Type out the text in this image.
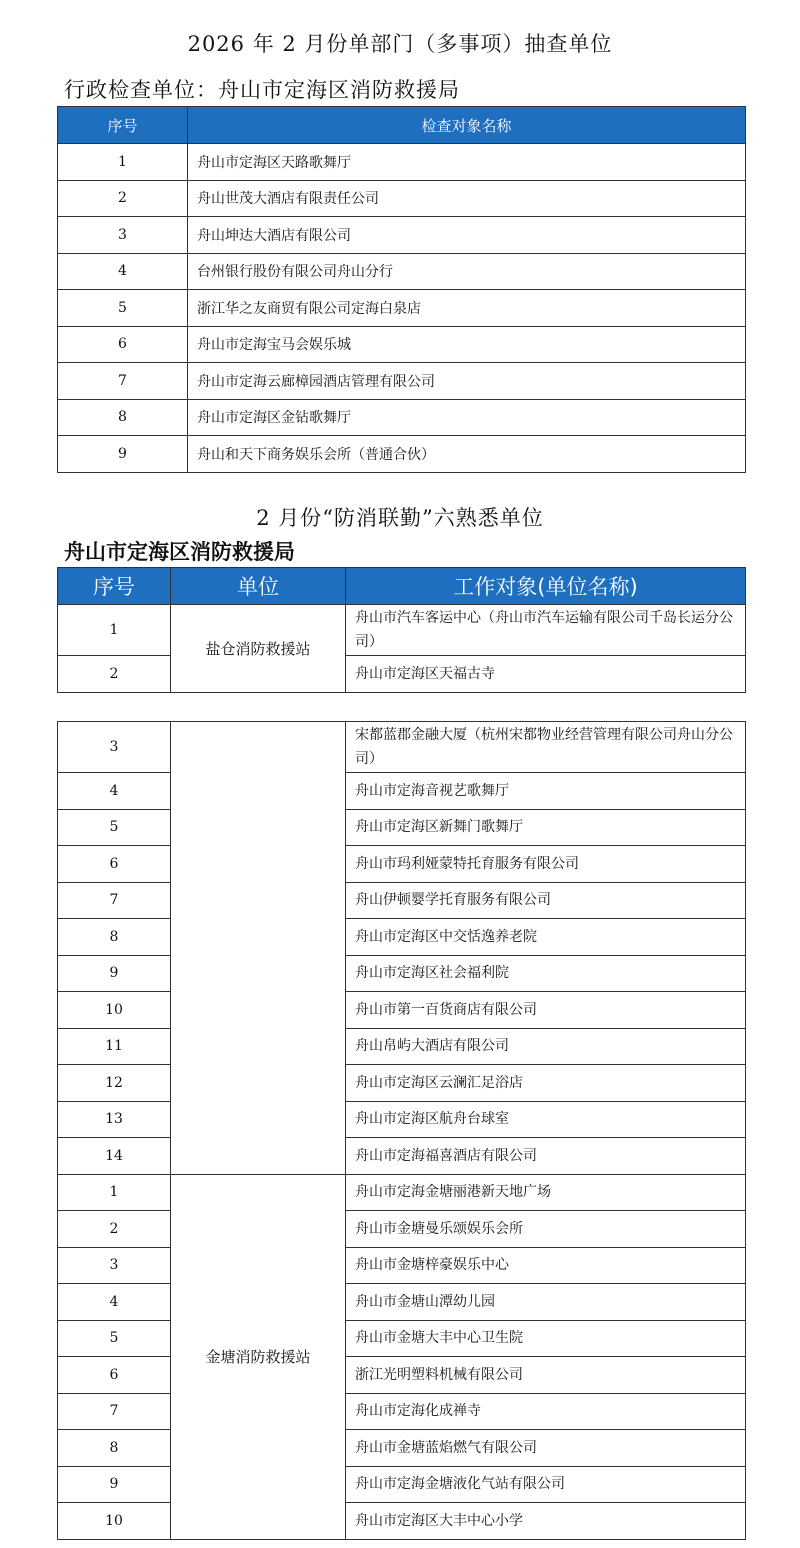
2026 年 2 月份单部门（多事项）抽查单位
行政检查单位：舟山市定海区消防救援局
序号	检查对象名称
1	舟山市定海区天路歌舞厅
2	舟山世茂大酒店有限责任公司
3	舟山坤达大酒店有限公司
4	台州银行股份有限公司舟山分行
5	浙江华之友商贸有限公司定海白泉店
6	舟山市定海宝马会娱乐城
7	舟山市定海云廊樟园酒店管理有限公司
8	舟山市定海区金钻歌舞厅
9	舟山和天下商务娱乐会所（普通合伙）
2 月份“防消联勤”六熟悉单位
舟山市定海区消防救援局
序号	单位	工作对象(单位名称)
1	盐仓消防救援站	舟山市汽车客运中心（舟山市汽车运输有限公司千岛长运分公司）
2		舟山市定海区天福古寺
3		宋都蓝郡金融大厦（杭州宋都物业经营管理有限公司舟山分公司）
4		舟山市定海音视艺歌舞厅
5		舟山市定海区新舞门歌舞厅
6		舟山市玛利娅蒙特托育服务有限公司
7		舟山伊顿婴学托育服务有限公司
8		舟山市定海区中交恬逸养老院
9		舟山市定海区社会福利院
10		舟山市第一百货商店有限公司
11		舟山帛屿大酒店有限公司
12		舟山市定海区云澜汇足浴店
13		舟山市定海区航舟台球室
14		舟山市定海福喜酒店有限公司
1	金塘消防救援站	舟山市定海金塘丽港新天地广场
2		舟山市金塘曼乐颂娱乐会所
3		舟山市金塘梓豪娱乐中心
4		舟山市金塘山潭幼儿园
5		舟山市金塘大丰中心卫生院
6		浙江光明塑料机械有限公司
7		舟山市定海化成禅寺
8		舟山市金塘蓝焰燃气有限公司
9		舟山市定海金塘液化气站有限公司
10		舟山市定海区大丰中心小学
